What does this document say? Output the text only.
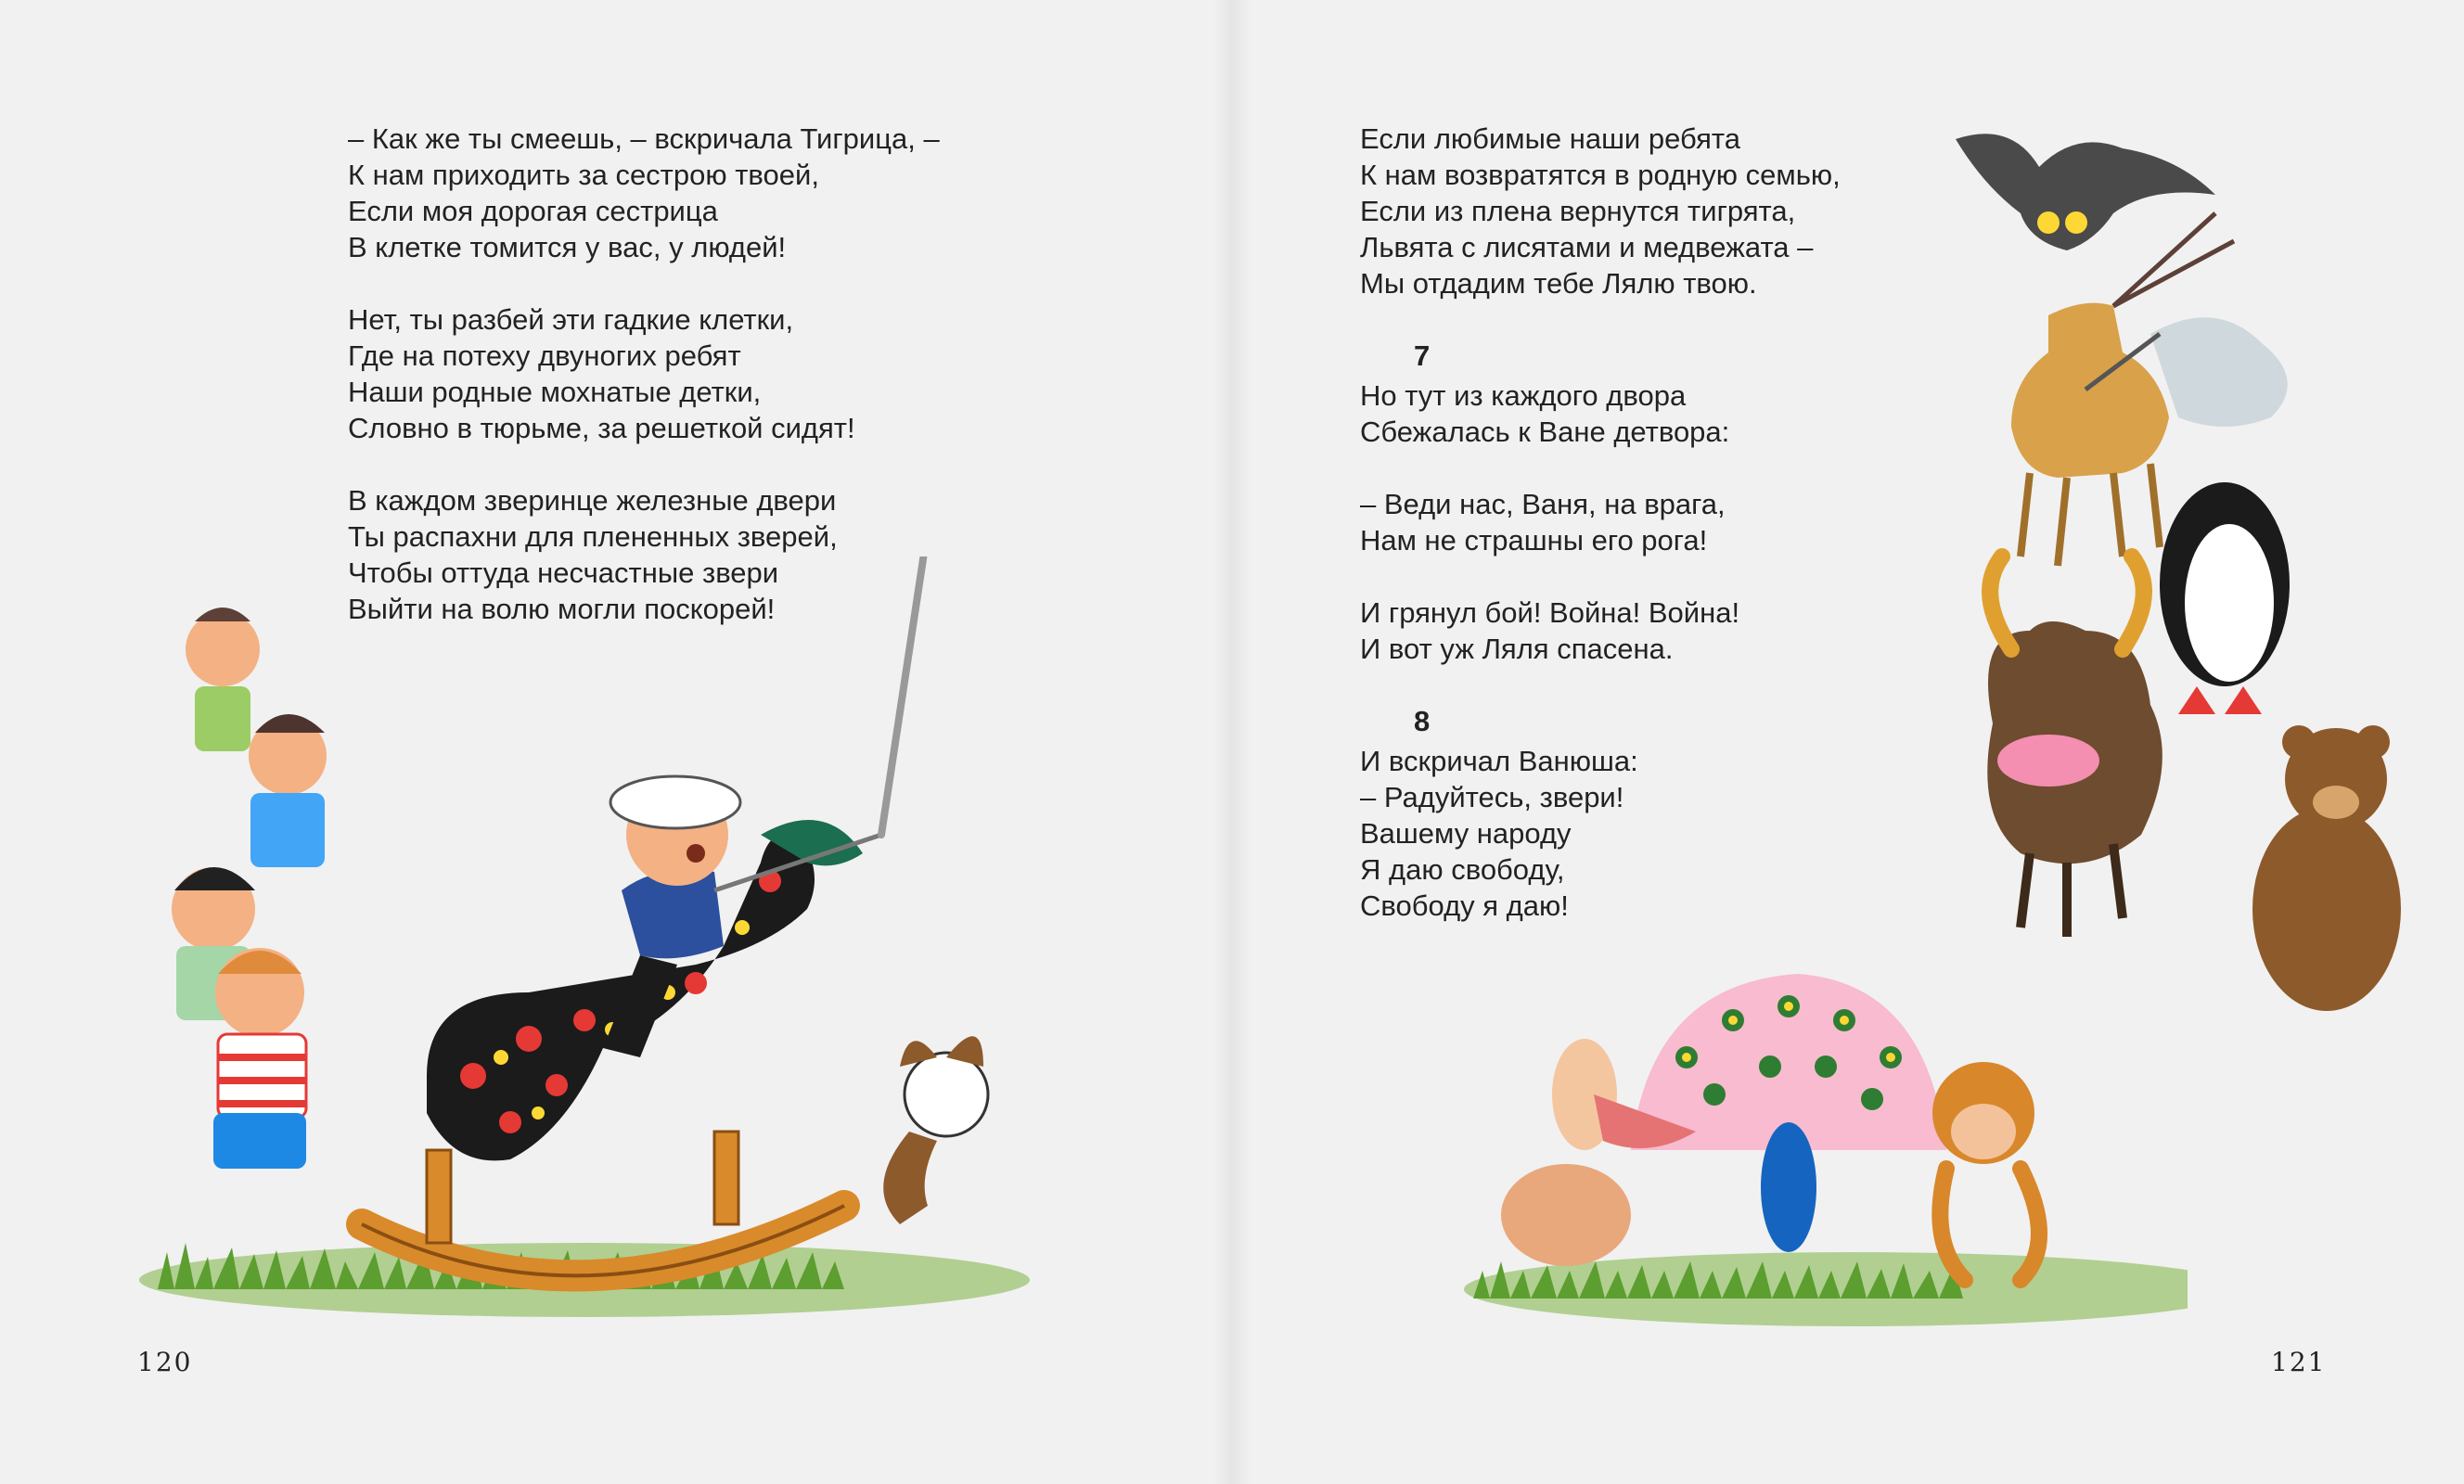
– Как же ты смеешь, – вскричала Тигрица, –
К нам приходить за сестрою твоей,
Если моя дорогая сестрица
В клетке томится у вас, у людей!
Нет, ты разбей эти гадкие клетки,
Где на потеху двуногих ребят
Наши родные мохнатые детки,
Словно в тюрьме, за решеткой сидят!
В каждом зверинце железные двери
Ты распахни для плененных зверей,
Чтобы оттуда несчастные звери
Выйти на волю могли поскорей!
120
Если любимые наши ребята
К нам возвратятся в родную семью,
Если из плена вернутся тигрята,
Львята с лисятами и медвежата –
Мы отдадим тебе Лялю твою.
7
Но тут из каждого двора
Сбежалась к Ване детвора:
– Веди нас, Ваня, на врага,
Нам не страшны его рога!
И грянул бой! Война! Война!
И вот уж Ляля спасена.
8
И вскричал Ванюша:
– Радуйтесь, звери!
Вашему народу
Я даю свободу,
Свободу я даю!
121
